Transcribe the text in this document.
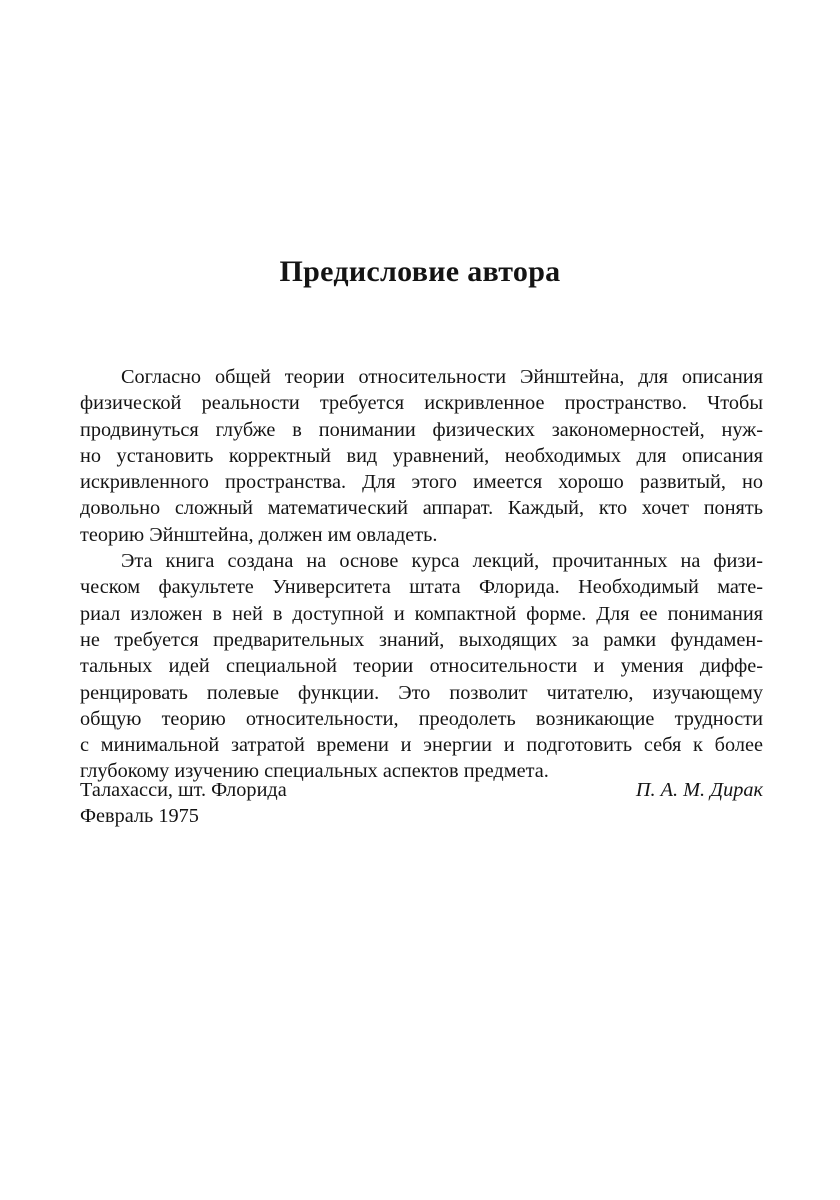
Предисловие автора
Согласно общей теории относительности Эйнштейна, для описания
физической реальности требуется искривленное пространство. Чтобы
продвинуться глубже в понимании физических закономерностей, нуж-
но установить корректный вид уравнений, необходимых для описания
искривленного пространства. Для этого имеется хорошо развитый, но
довольно сложный математический аппарат. Каждый, кто хочет понять
теорию Эйнштейна, должен им овладеть.
Эта книга создана на основе курса лекций, прочитанных на физи-
ческом факультете Университета штата Флорида. Необходимый мате-
риал изложен в ней в доступной и компактной форме. Для ее понимания
не требуется предварительных знаний, выходящих за рамки фундамен-
тальных идей специальной теории относительности и умения диффе-
ренцировать полевые функции. Это позволит читателю, изучающему
общую теорию относительности, преодолеть возникающие трудности
с минимальной затратой времени и энергии и подготовить себя к более
глубокому изучению специальных аспектов предмета.
Талахасси, шт. Флорида	П. А. М. Дирак
Февраль 1975
